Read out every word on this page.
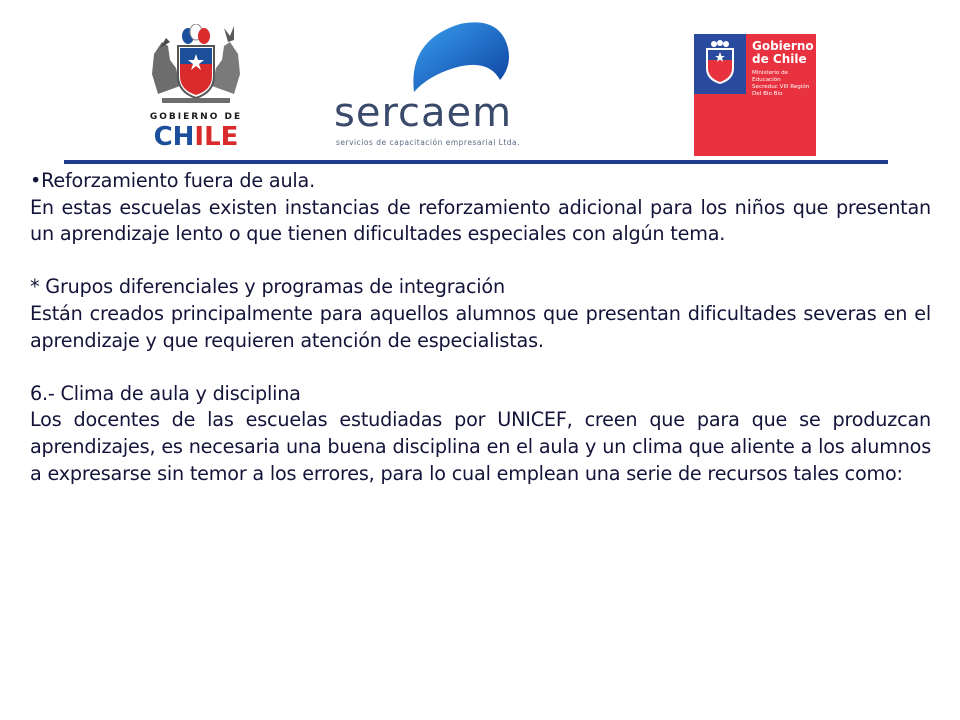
GOBIERNO DE
CHILE
sercaem
servicios de capacitación empresarial Ltda.
Gobierno
de Chile
Ministerio de Educación
Secreduc VIII Región
Del Bio Bio

•Reforzamiento fuera de aula.

En estas escuelas existen instancias de reforzamiento adicional para los niños que presentan un aprendizaje lento o que tienen dificultades especiales con algún tema.

* Grupos diferenciales y programas de integración

Están creados principalmente para aquellos alumnos que presentan dificultades severas en el aprendizaje y que requieren atención de especialistas.

6.- Clima de aula y disciplina

Los docentes de las escuelas estudiadas por UNICEF, creen que para que se produzcan aprendizajes, es necesaria una buena disciplina en el aula y un clima que aliente a los alumnos a expresarse sin temor a los errores, para lo cual emplean una serie de recursos tales como:
